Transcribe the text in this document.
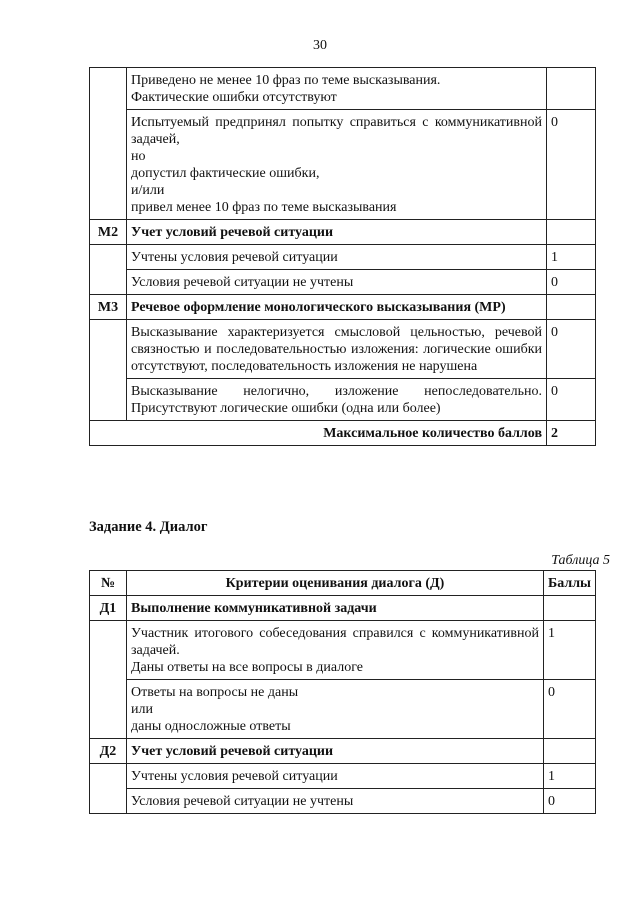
30

	Приведено не менее 10 фраз по теме высказывания.
Фактические ошибки отсутствуют	

	Испытуемый предпринял попытку справиться с коммуникативной задачей,
но
допустил фактические ошибки,
и/или
привел менее 10 фраз по теме высказывания	0
М2	Учет условий речевой ситуации	
	Учтены условия речевой ситуации	1
	Условия речевой ситуации не учтены	0
М3	Речевое оформление монологического высказывания (МР)	
	Высказывание характеризуется смысловой цельностью, речевой связностью и последовательностью изложения: логические ошибки отсутствуют, последовательность изложения не нарушена	0
	Высказывание нелогично, изложение непоследовательно. Присутствуют логические ошибки (одна или более)	0
Максимальное количество баллов		2
Задание 4. Диалог
Таблица 5
№	Критерии оценивания диалога (Д)	Баллы
Д1	Выполнение коммуникативной задачи	

	Участник итогового собеседования справился с коммуникативной задачей.
Даны ответы на все вопросы в диалоге	1

	Ответы на вопросы не даны
или
даны односложные ответы	0
Д2	Учет условий речевой ситуации	
	Учтены условия речевой ситуации	1
	Условия речевой ситуации не учтены	0
